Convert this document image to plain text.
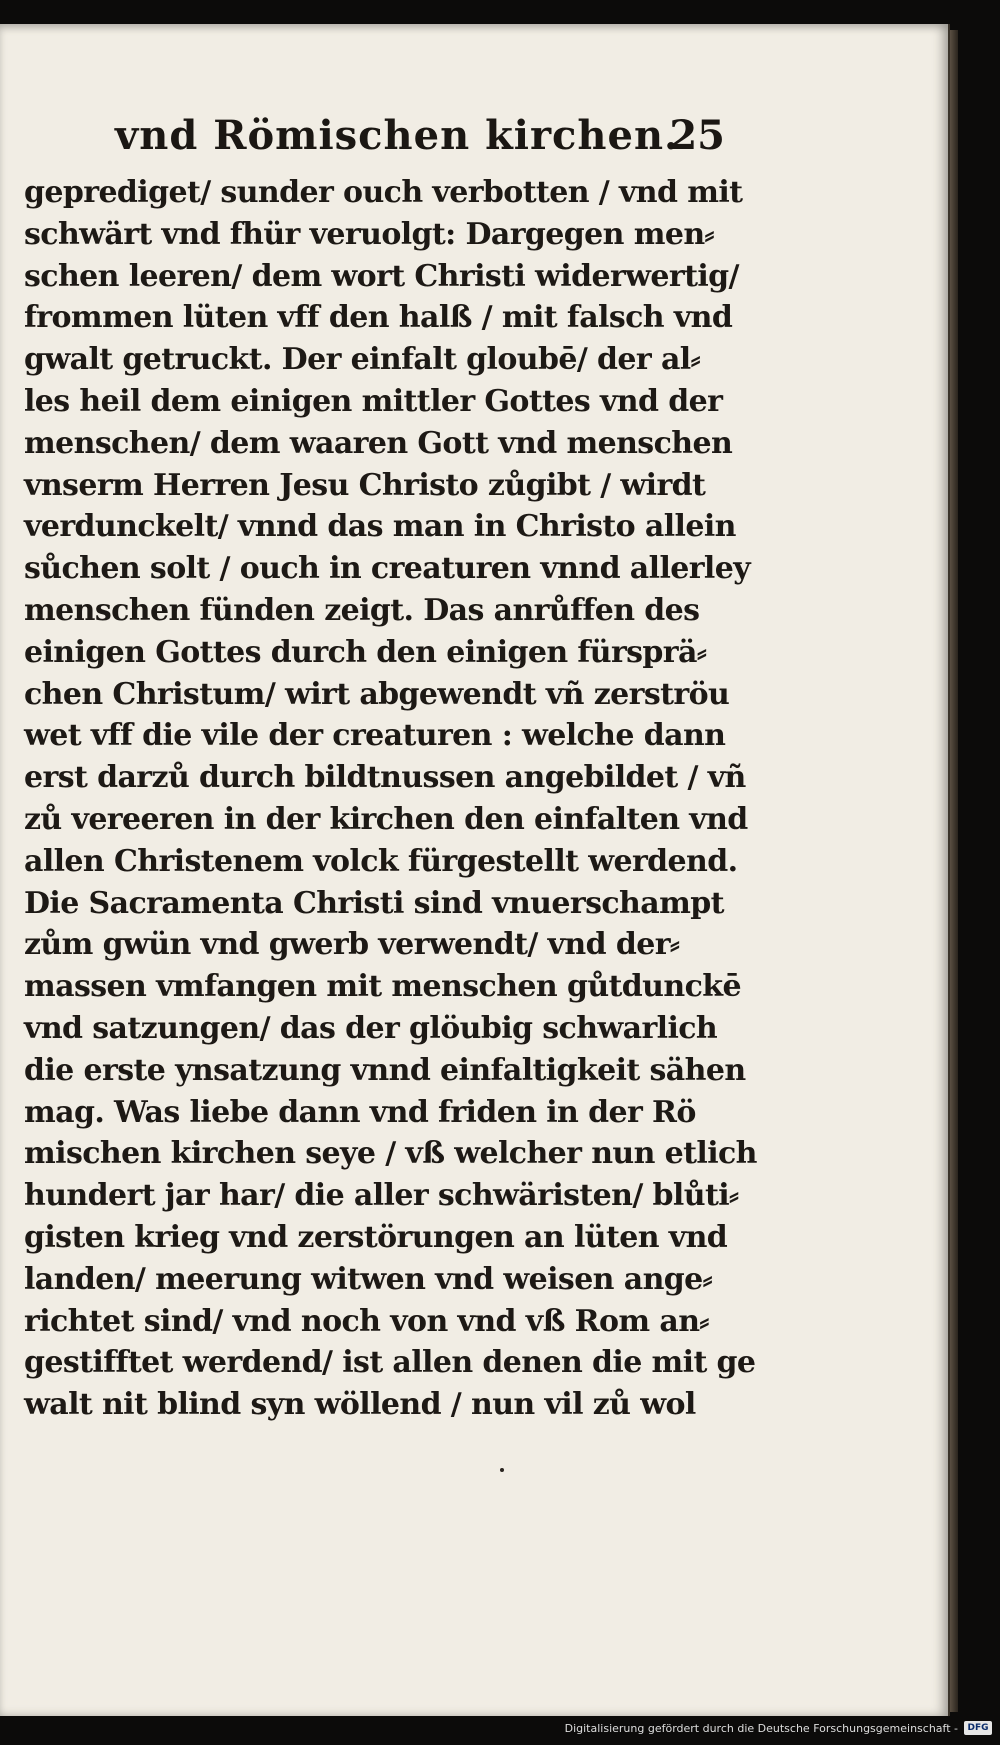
vnd Römischen kirchen.
25
geprediget/ sunder ouch verbotten / vnd mit
schwärt vnd fhür veruolgt: Dargegen men⸗
schen leeren/ dem wort Christi widerwertig/
frommen lüten vff den halß / mit falsch vnd
gwalt getruckt. Der einfalt gloubē/ der al⸗
les heil dem einigen mittler Gottes vnd der
menschen/ dem waaren Gott vnd menschen
vnserm Herren Jesu Christo zůgibt / wirdt
verdunckelt/ vnnd das man in Christo allein
sůchen solt / ouch in creaturen vnnd allerley
menschen fünden zeigt. Das anrůffen des
einigen Gottes durch den einigen fürsprä⸗
chen Christum/ wirt abgewendt vñ zerströu
wet vff die vile der creaturen : welche dann
erst darzů durch bildtnussen angebildet / vñ
zů vereeren in der kirchen den einfalten vnd
allen Christenem volck fürgestellt werdend.
Die Sacramenta Christi sind vnuerschampt
zům gwün vnd gwerb verwendt/ vnd der⸗
massen vmfangen mit menschen gůtdunckē
vnd satzungen/ das der glöubig schwarlich
die erste ynsatzung vnnd einfaltigkeit sähen
mag. Was liebe dann vnd friden in der Rö
mischen kirchen seye / vß welcher nun etlich
hundert jar har/ die aller schwäristen/ blůti⸗
gisten krieg vnd zerstörungen an lüten vnd
landen/ meerung witwen vnd weisen ange⸗
richtet sind/ vnd noch von vnd vß Rom an⸗
gestifftet werdend/ ist allen denen die mit ge
walt nit blind syn wöllend / nun vil zů wol
Digitalisierung gefördert durch die Deutsche Forschungsgemeinschaft -	DFG
